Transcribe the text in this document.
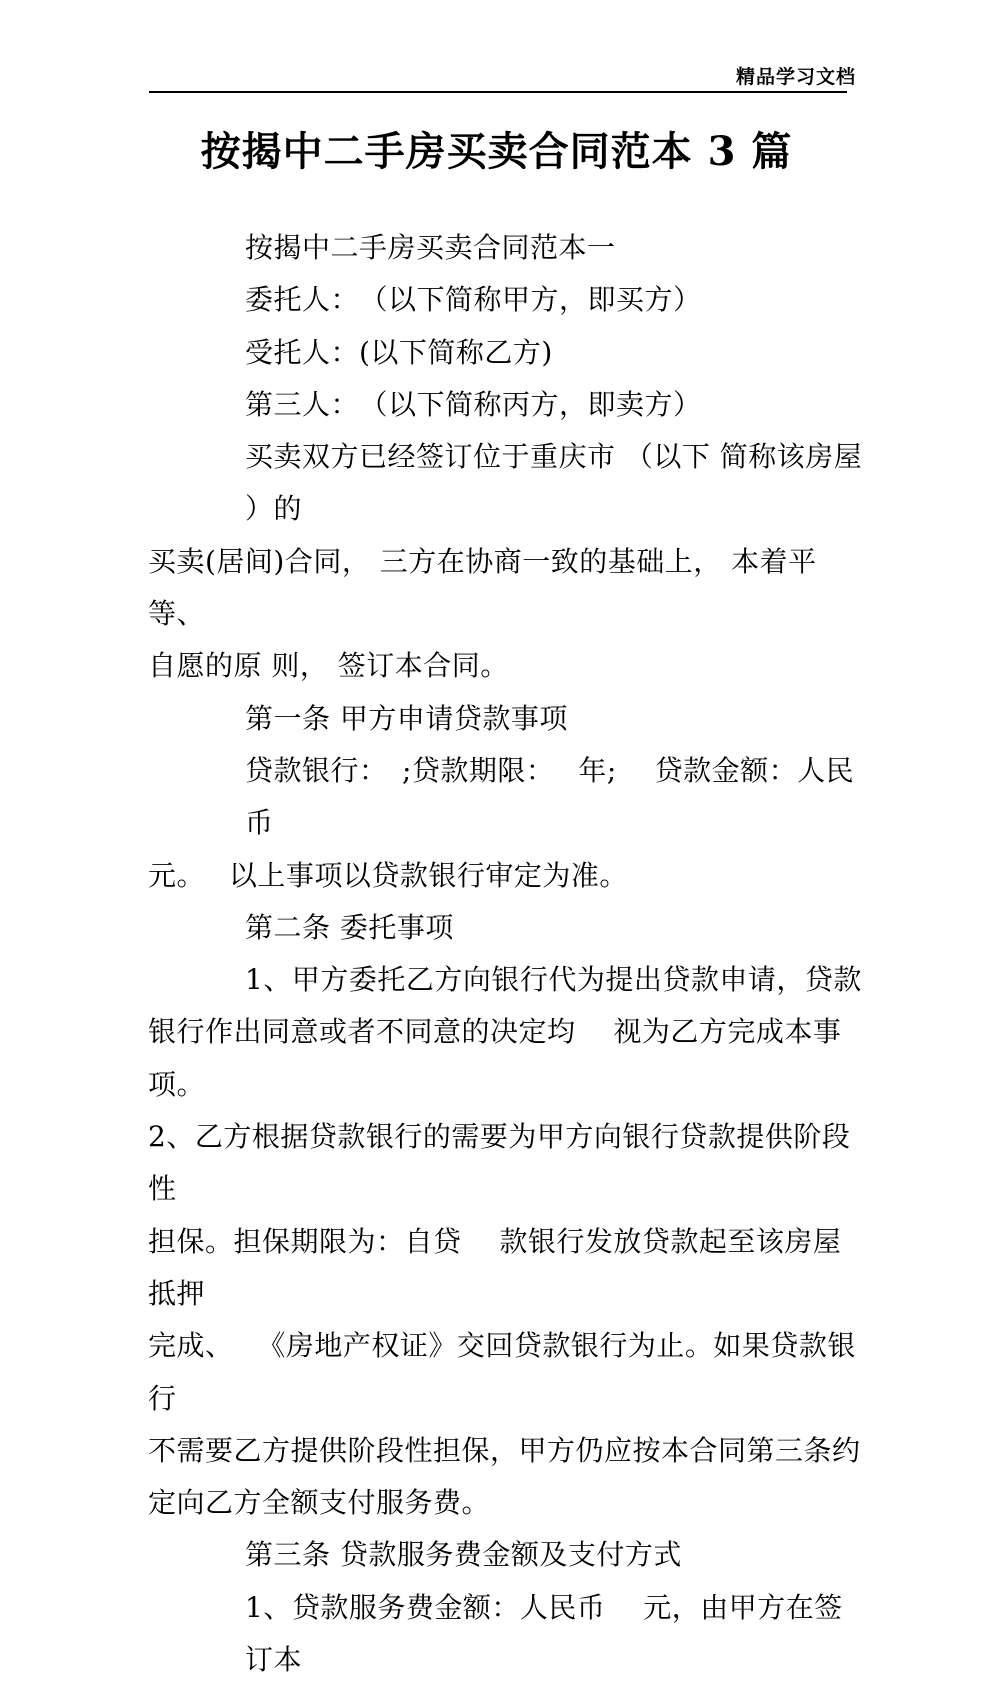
精品学习文档
按揭中二手房买卖合同范本 3 篇
按揭中二手房买卖合同范本一
委托人：　（以下简称甲方，即买方）
受托人：(以下简称乙方)
第三人：　（以下简称丙方，即卖方）
买卖双方已经签订位于重庆市 （以下 简称该房屋 ）的
买卖(居间)合同， 三方在协商一致的基础上， 本着平等、
自愿的原 则， 签订本合同。
第一条 甲方申请贷款事项
贷款银行：　;贷款期限：　 年; 　贷款金额：人民币
元。　 以上事项以贷款银行审定为准。
第二条 委托事项
1、甲方委托乙方向银行代为提出贷款申请，贷款
银行作出同意或者不同意的决定均　 视为乙方完成本事项。
2、乙方根据贷款银行的需要为甲方向银行贷款提供阶段性
担保。担保期限为：自贷　 款银行发放贷款起至该房屋抵押
完成、　 《房地产权证》交回贷款银行为止。如果贷款银行
不需要乙方提供阶段性担保，甲方仍应按本合同第三条约
定向乙方全额支付服务费。
第三条 贷款服务费金额及支付方式
1、贷款服务费金额：人民币　 元，由甲方在签订本
